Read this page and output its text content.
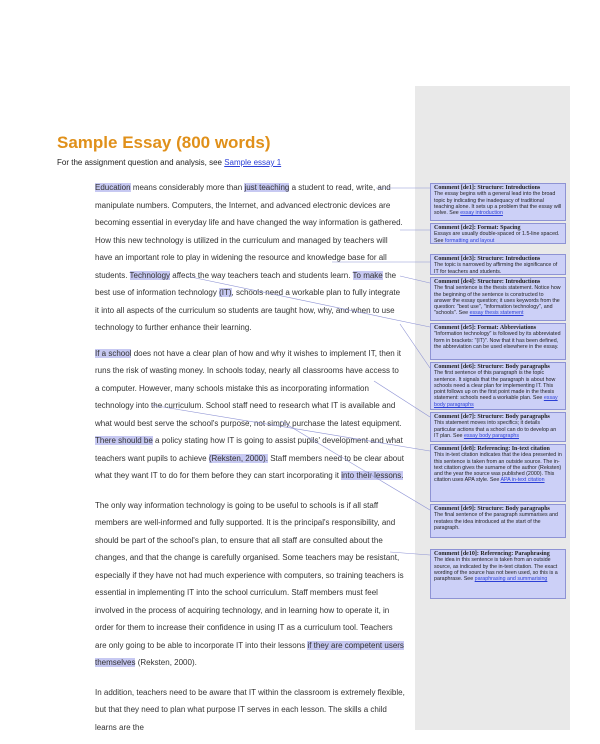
Sample Essay (800 words)
For the assignment question and analysis, see Sample essay 1

Education means considerably more than just teaching a student to read, write, and manipulate numbers. Computers, the Internet, and advanced electronic devices are becoming essential in everyday life and have changed the way information is gathered. How this new technology is utilized in the curriculum and managed by teachers will have an important role to play in widening the resource and knowledge base for all students. Technology affects the way teachers teach and students learn. To make the best use of information technology (IT), schools need a workable plan to fully integrate it into all aspects of the curriculum so students are taught how, why, and when to use technology to further enhance their learning.

If a school does not have a clear plan of how and why it wishes to implement IT, then it runs the risk of wasting money. In schools today, nearly all classrooms have access to a computer. However, many schools mistake this as incorporating information technology into the curriculum. School staff need to research what IT is available and what would best serve the school's purpose, not simply purchase the latest equipment. There should be a policy stating how IT is going to assist pupils' development and what teachers want pupils to achieve (Reksten, 2000). Staff members need to be clear about what they want IT to do for them before they can start incorporating it into their lessons.

The only way information technology is going to be useful to schools is if all staff members are well-informed and fully supported. It is the principal's responsibility, and should be part of the school's plan, to ensure that all staff are consulted about the changes, and that the change is carefully organised. Some teachers may be resistant, especially if they have not had much experience with computers, so training teachers is essential in implementing IT into the school curriculum. Staff members must feel involved in the process of acquiring technology, and in learning how to operate it, in order for them to increase their confidence in using IT as a curriculum tool. Teachers are only going to be able to incorporate IT into their lessons if they are competent users themselves (Reksten, 2000).

In addition, teachers need to be aware that IT within the classroom is extremely flexible, but that they need to plan what purpose IT serves in each lesson. The skills a child learns are the

Comment [de1]: Structure: Introductions
The essay begins with a general lead into the broad topic by indicating the inadequacy of traditional teaching alone. It sets up a problem that the essay will solve. See essay introduction
Comment [de2]: Format: Spacing
Essays are usually double-spaced or 1.5-line spaced. See formatting and layout
Comment [de3]: Structure: Introductions
The topic is narrowed by affirming the significance of IT for teachers and students.
Comment [de4]: Structure: Introductions
The final sentence is the thesis statement. Notice how the beginning of the sentence is constructed to answer the essay question; it uses keywords from the question: "best use", "information technology", and "schools". See essay thesis statement
Comment [de5]: Format: Abbreviations
"Information technology" is followed by its abbreviated form in brackets: "(IT)". Now that it has been defined, the abbreviation can be used elsewhere in the essay.
Comment [de6]: Structure: Body paragraphs
The first sentence of this paragraph is the topic sentence. It signals that the paragraph is about how schools need a clear plan for implementing IT. This point follows up on the first point made in the thesis statement: schools need a workable plan. See essay body paragraphs
Comment [de7]: Structure: Body paragraphs
This statement moves into specifics; it details particular actions that a school can do to develop an IT plan. See essay body paragraphs
Comment [de8]: Referencing: In-text citation
This in-text citation indicates that the idea presented in this sentence is taken from an outside source. The in-text citation gives the surname of the author (Reksten) and the year the source was published (2000). This citation uses APA style. See APA in-text citation
Comment [de9]: Structure: Body paragraphs
The final sentence of the paragraph summarises and restates the idea introduced at the start of the paragraph.
Comment [de10]: Referencing: Paraphrasing
The idea in this sentence is taken from an outside source, as indicated by the in-text citation. The exact wording of the source has not been used, so this is a paraphrase. See paraphrasing and summarising
